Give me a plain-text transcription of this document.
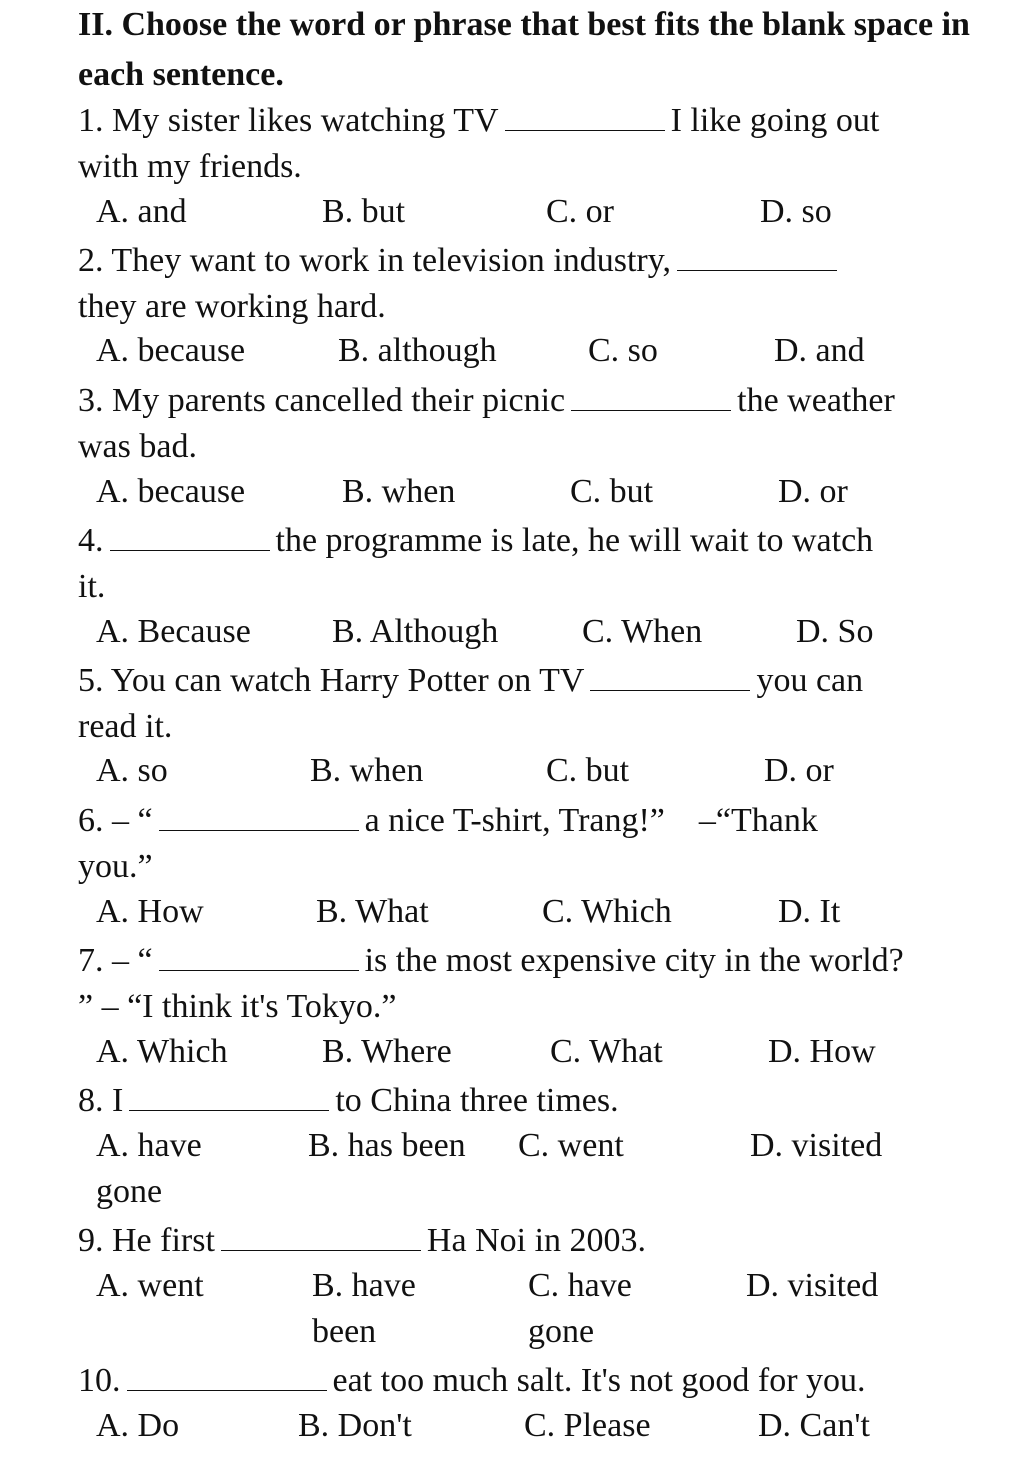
II. Choose the word or phrase that best fits the blank space in each sentence.
1. My sister likes watching TV	I like going out
with my friends.
A. and	B. but	C. or	D. so
2. They want to work in television industry,
they are working hard.
A. because	B. although	C. so	D. and
3. My parents cancelled their picnic	the weather
was bad.
A. because	B. when	C. but	D. or
4.	the programme is late, he will wait to watch
it.
A. Because B. Although C. When	D. So
5. You can watch Harry Potter on TV	you can
read it.
A. so	B. when	C. but	D. or
6. – “	a nice T-shirt, Trang!”    –“Thank
you.”
A. How	B. What	C. Which	D. It
7. – “	is the most expensive city in the world?
” – “I think it's Tokyo.”
A. Which	B. Where	C. What	D. How
8. I	to China three times.
A. have
gone
B. has been C. went	D. visited
9. He first	Ha Noi in 2003.
A. went	B. have
been
C. have
gone
D. visited
10.	eat too much salt. It's not good for you.
A. Do	B. Don't	C. Please	D. Can't
